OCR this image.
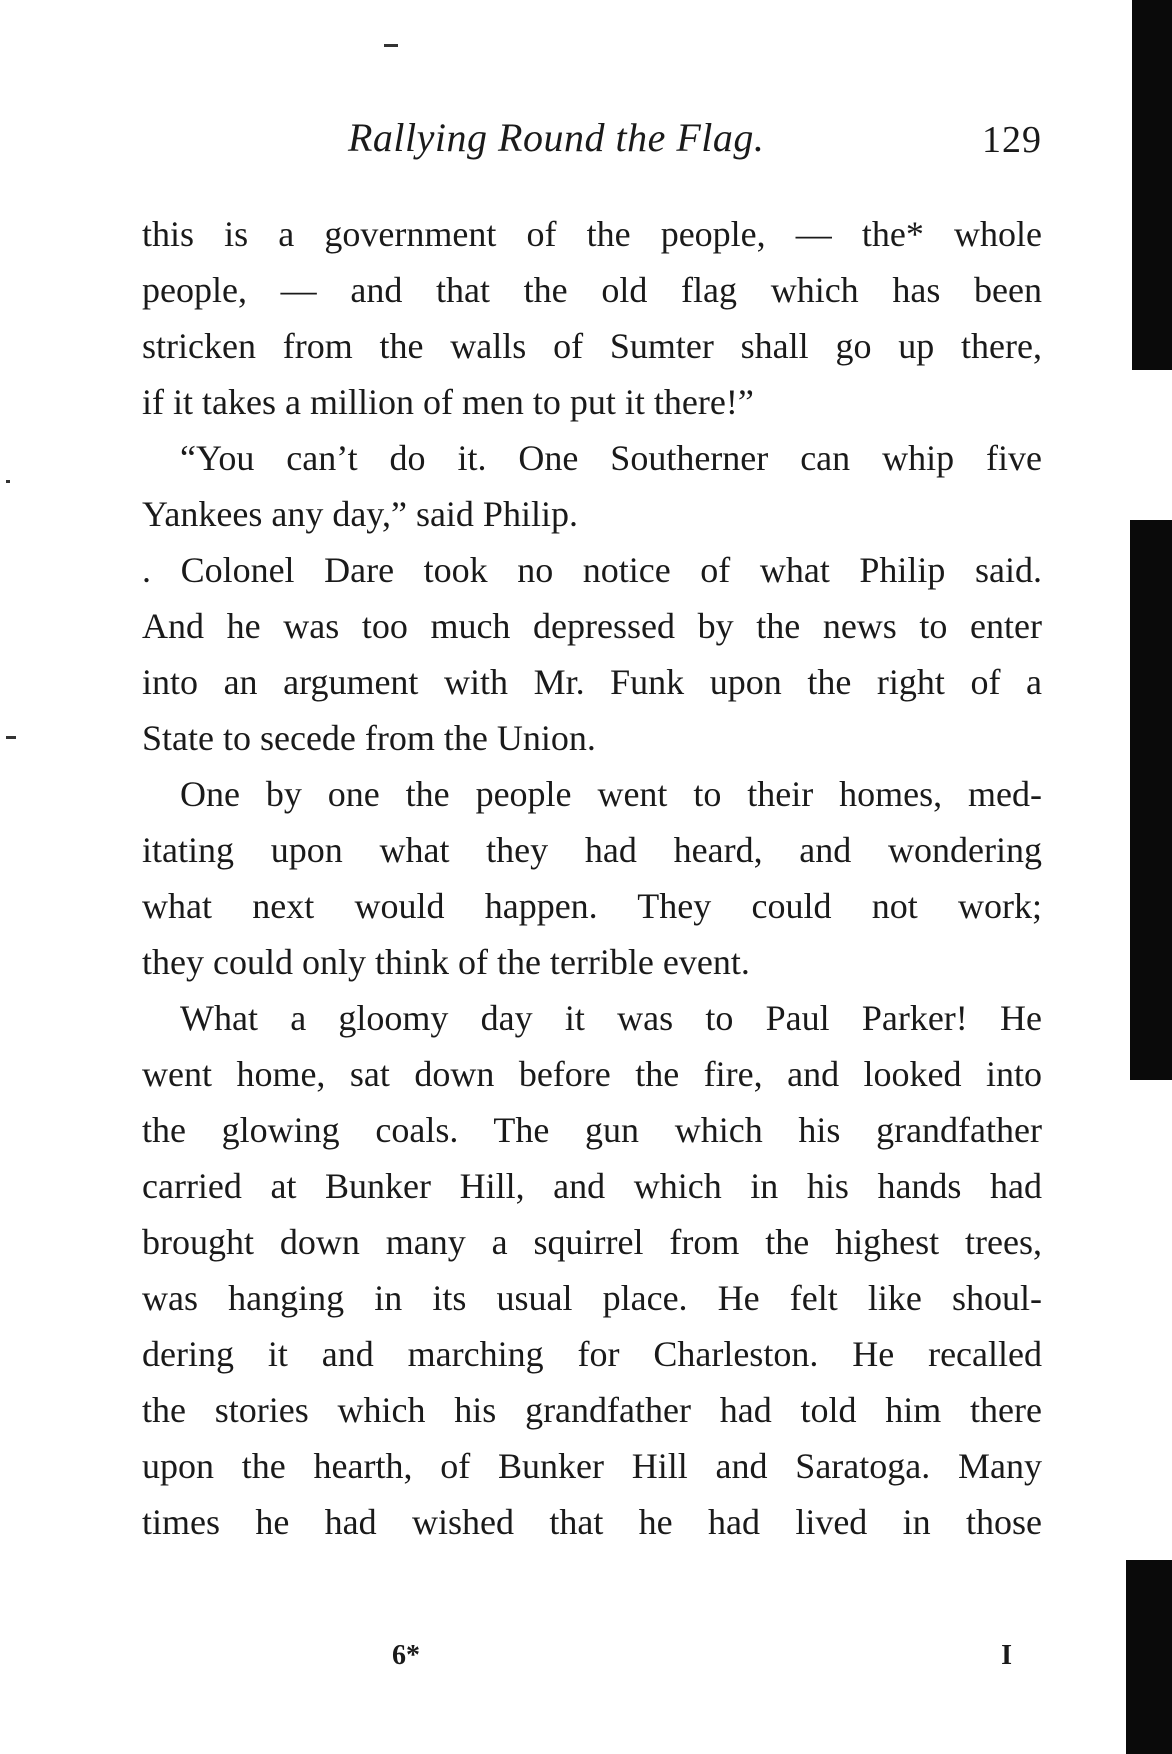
Rallying Round the Flag.	129
this is a government of the people, — the* whole
people, — and that the old flag which has been
stricken from the walls of Sumter shall go up there,
if it takes a million of men to put it there!”
“You can’t do it. One Southerner can whip five
Yankees any day,” said Philip.
. Colonel Dare took no notice of what Philip said.
And he was too much depressed by the news to enter
into an argument with Mr. Funk upon the right of a
State to secede from the Union.
One by one the people went to their homes, med-
itating upon what they had heard, and wondering
what next would happen. They could not work;
they could only think of the terrible event.
What a gloomy day it was to Paul Parker! He
went home, sat down before the fire, and looked into
the glowing coals. The gun which his grandfather
carried at Bunker Hill, and which in his hands had
brought down many a squirrel from the highest trees,
was hanging in its usual place. He felt like shoul-
dering it and marching for Charleston. He recalled
the stories which his grandfather had told him there
upon the hearth, of Bunker Hill and Saratoga. Many
times he had wished that he had lived in those
6*	I
